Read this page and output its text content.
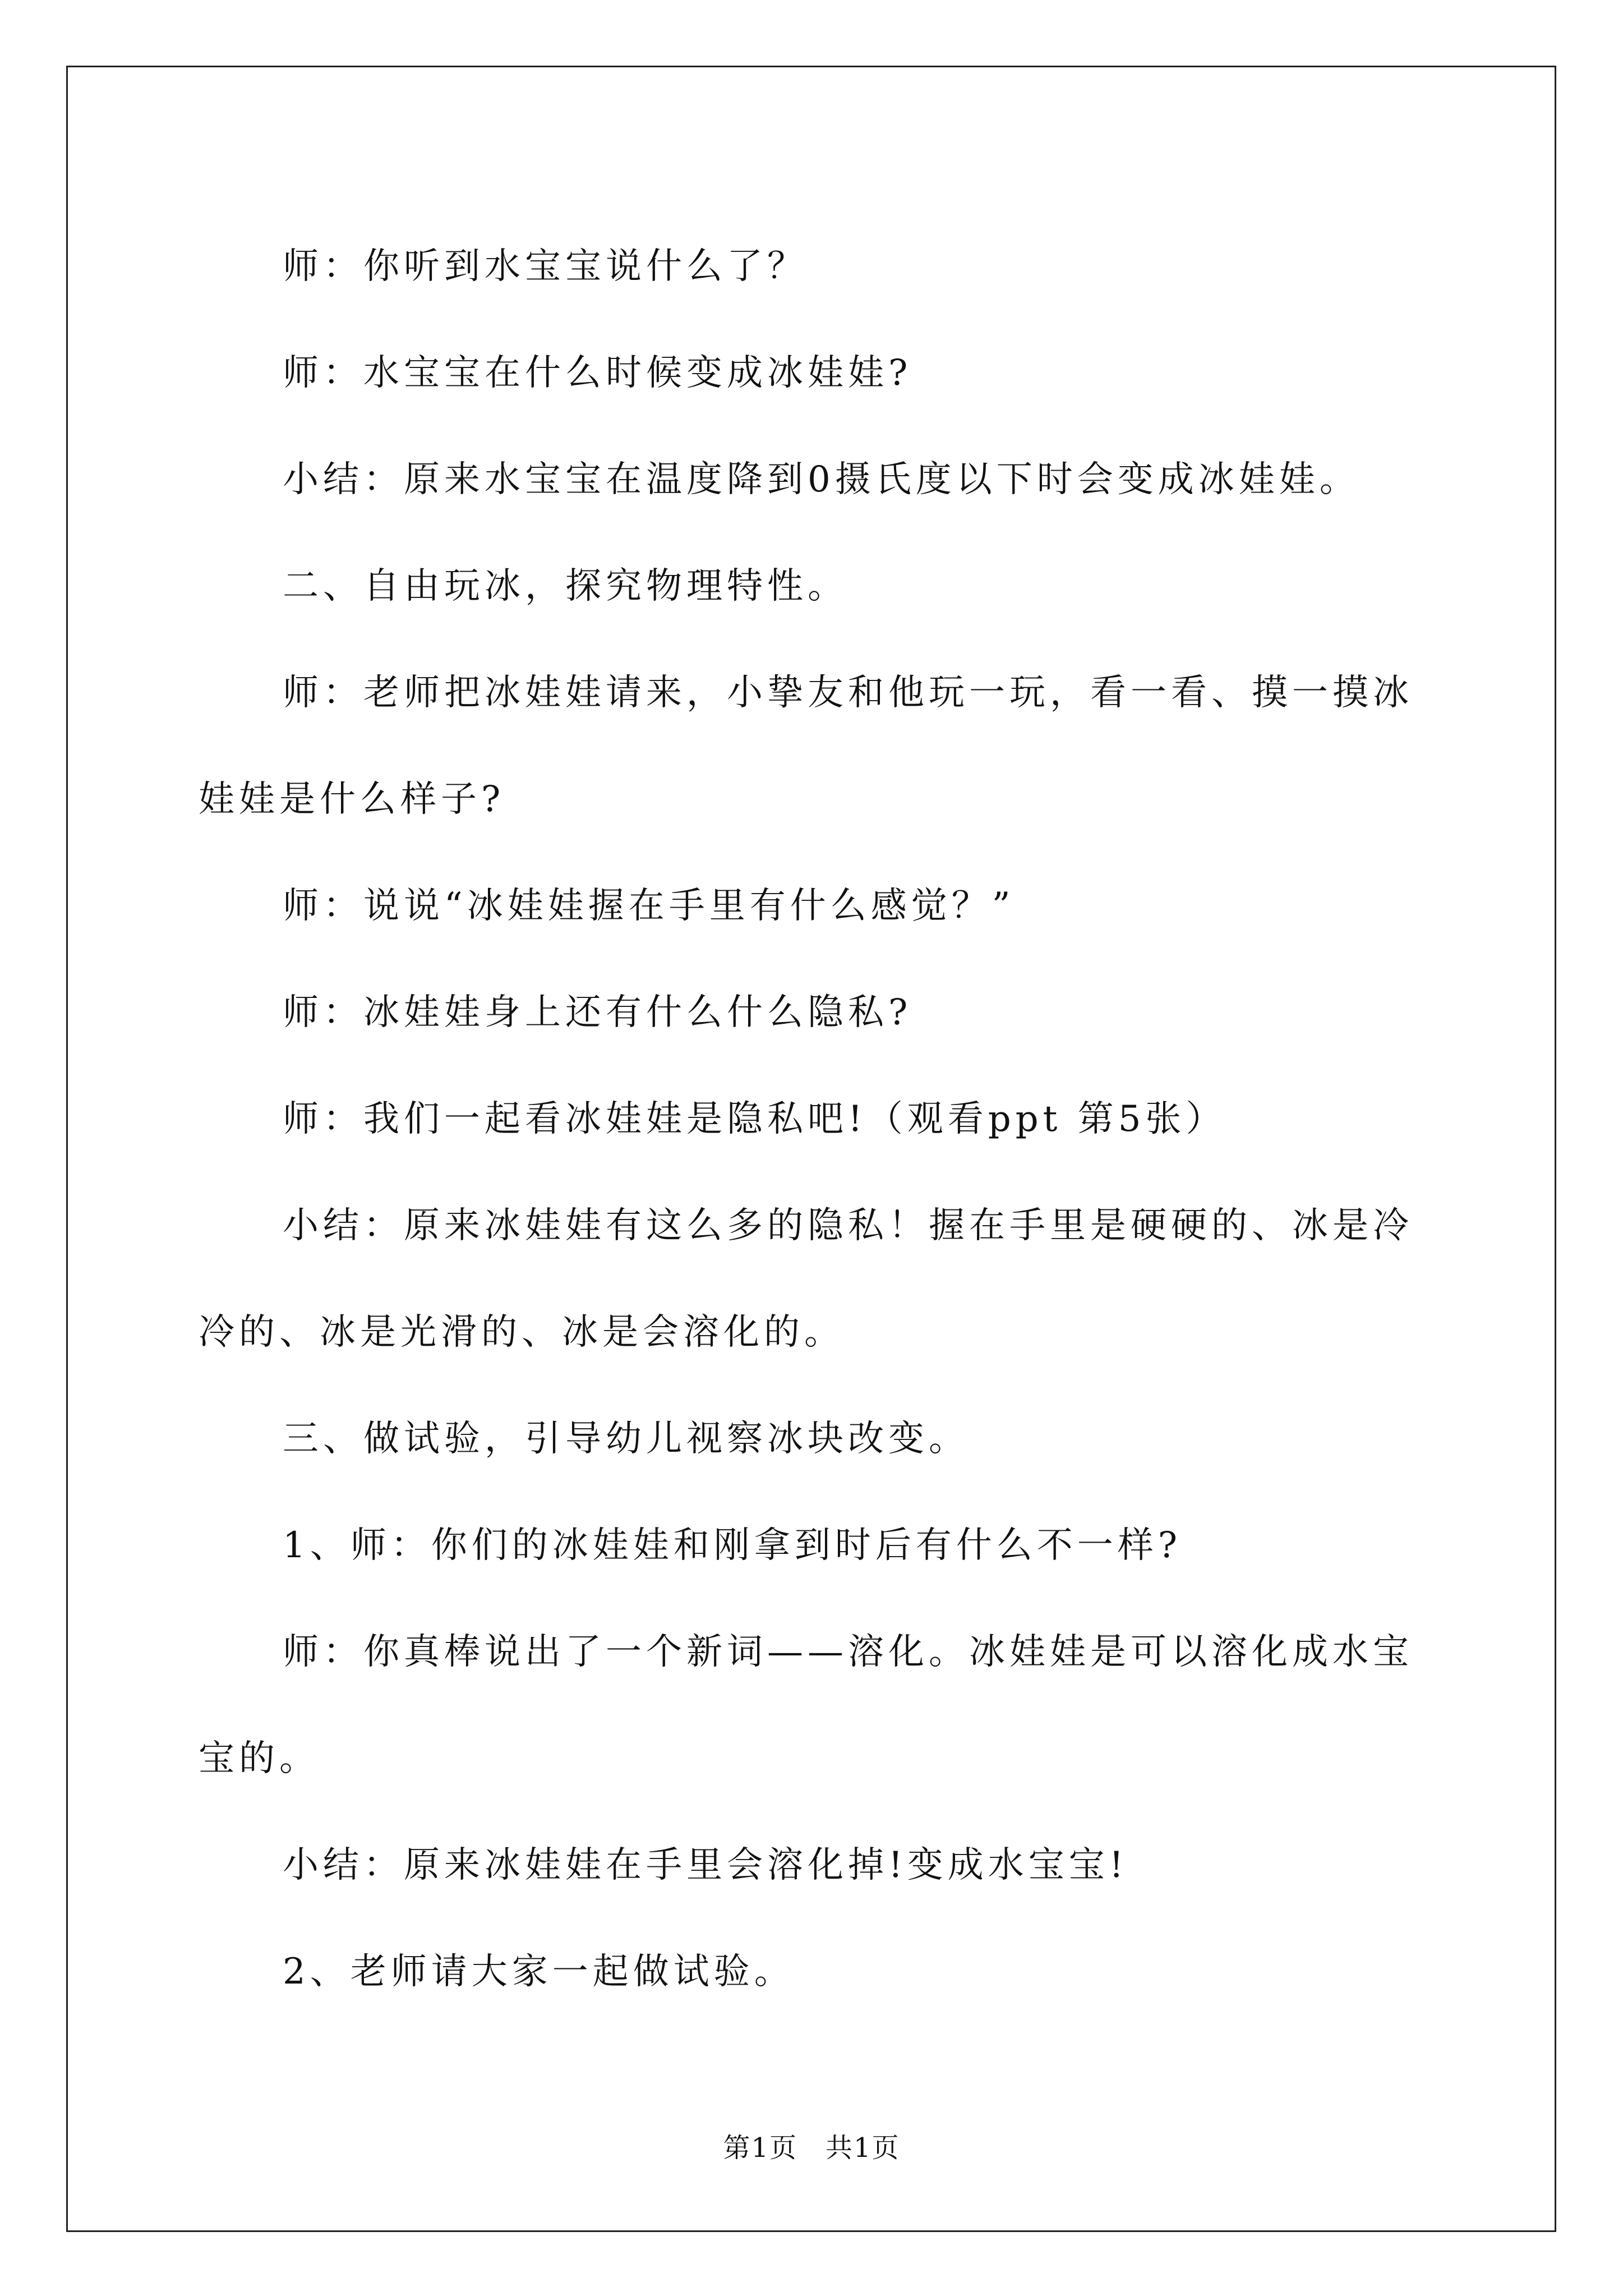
师：你听到水宝宝说什么了？

师：水宝宝在什么时候变成冰娃娃?

小结：原来水宝宝在温度降到0摄氏度以下时会变成冰娃娃。

二、自由玩冰，探究物理特性。

师：老师把冰娃娃请来，小挚友和他玩一玩，看一看、摸一摸冰娃娃是什么样子?

师：说说“冰娃娃握在手里有什么感觉？”

师：冰娃娃身上还有什么什么隐私?

师：我们一起看冰娃娃是隐私吧!（观看ppt 第5张）

小结：原来冰娃娃有这么多的隐私！握在手里是硬硬的、冰是冷冷的、冰是光滑的、冰是会溶化的。

三、做试验，引导幼儿视察冰块改变。

1、师：你们的冰娃娃和刚拿到时后有什么不一样?

师：你真棒说出了一个新词——溶化。冰娃娃是可以溶化成水宝宝的。

小结：原来冰娃娃在手里会溶化掉!变成水宝宝!

2、老师请大家一起做试验。

第1页　共1页
